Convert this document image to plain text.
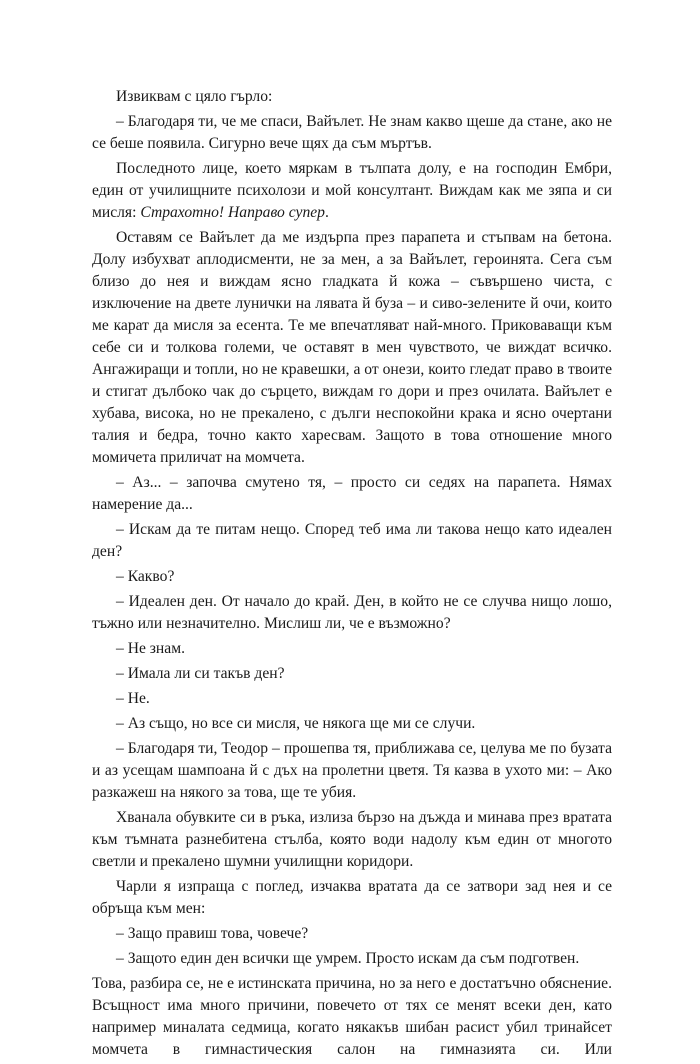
Извиквам с цяло гърло:

– Благодаря ти, че ме спаси, Вайълет. Не знам какво щеше да стане, ако не се беше появила. Сигурно вече щях да съм мъртъв.

Последното лице, което мяркам в тълпата долу, е на господин Ембри, един от училищните психолози и мой консултант. Виждам как ме зяпа и си мисля: Страхотно! Направо супер.

Оставям се Вайълет да ме издърпа през парапета и стъпвам на бетона. Долу избухват аплодисменти, не за мен, а за Вайълет, героинята. Сега съм близо до нея и виждам ясно гладката й кожа – съвършено чиста, с изключение на двете лунички на лявата й буза – и сиво-зелените й очи, които ме карат да мисля за есента. Те ме впечатляват най-много. Приковаващи към себе си и толкова големи, че оставят в мен чувството, че виждат всичко. Ангажиращи и топли, но не кравешки, а от онези, които гледат право в твоите и стигат дълбоко чак до сърцето, виждам го дори и през очилата. Вайълет е хубава, висока, но не прекалено, с дълги неспокойни крака и ясно очертани талия и бедра, точно както харесвам. Защото в това отношение много момичета приличат на момчета.

– Аз... – започва смутено тя, – просто си седях на парапета. Нямах намерение да...

– Искам да те питам нещо. Според теб има ли такова нещо като идеален ден?

– Какво?

– Идеален ден. От начало до край. Ден, в който не се случва нищо лошо, тъжно или незначително. Мислиш ли, че е възможно?

– Не знам.

– Имала ли си такъв ден?

– Не.

– Аз също, но все си мисля, че някога ще ми се случи.

– Благодаря ти, Теодор – прошепва тя, приближава се, целува ме по бузата и аз усещам шампоана й с дъх на пролетни цветя. Тя казва в ухото ми: – Ако разкажеш на някого за това, ще те убия.

Хванала обувките си в ръка, излиза бързо на дъжда и минава през вратата към тъмната разнебитена стълба, която води надолу към един от многото светли и прекалено шумни училищни коридори.

Чарли я изпраща с поглед, изчаква вратата да се затвори зад нея и се обръща към мен:

– Защо правиш това, човече?

– Защото един ден всички ще умрем. Просто искам да съм подготвен.

Това, разбира се, не е истинската причина, но за него е достатъчно обяснение. Всъщност има много причини, повечето от тях се менят всеки ден, като например миналата седмица, когато някакъв шибан расист убил тринайсет момчета в гимнастическия салон на гимназията си. Или
